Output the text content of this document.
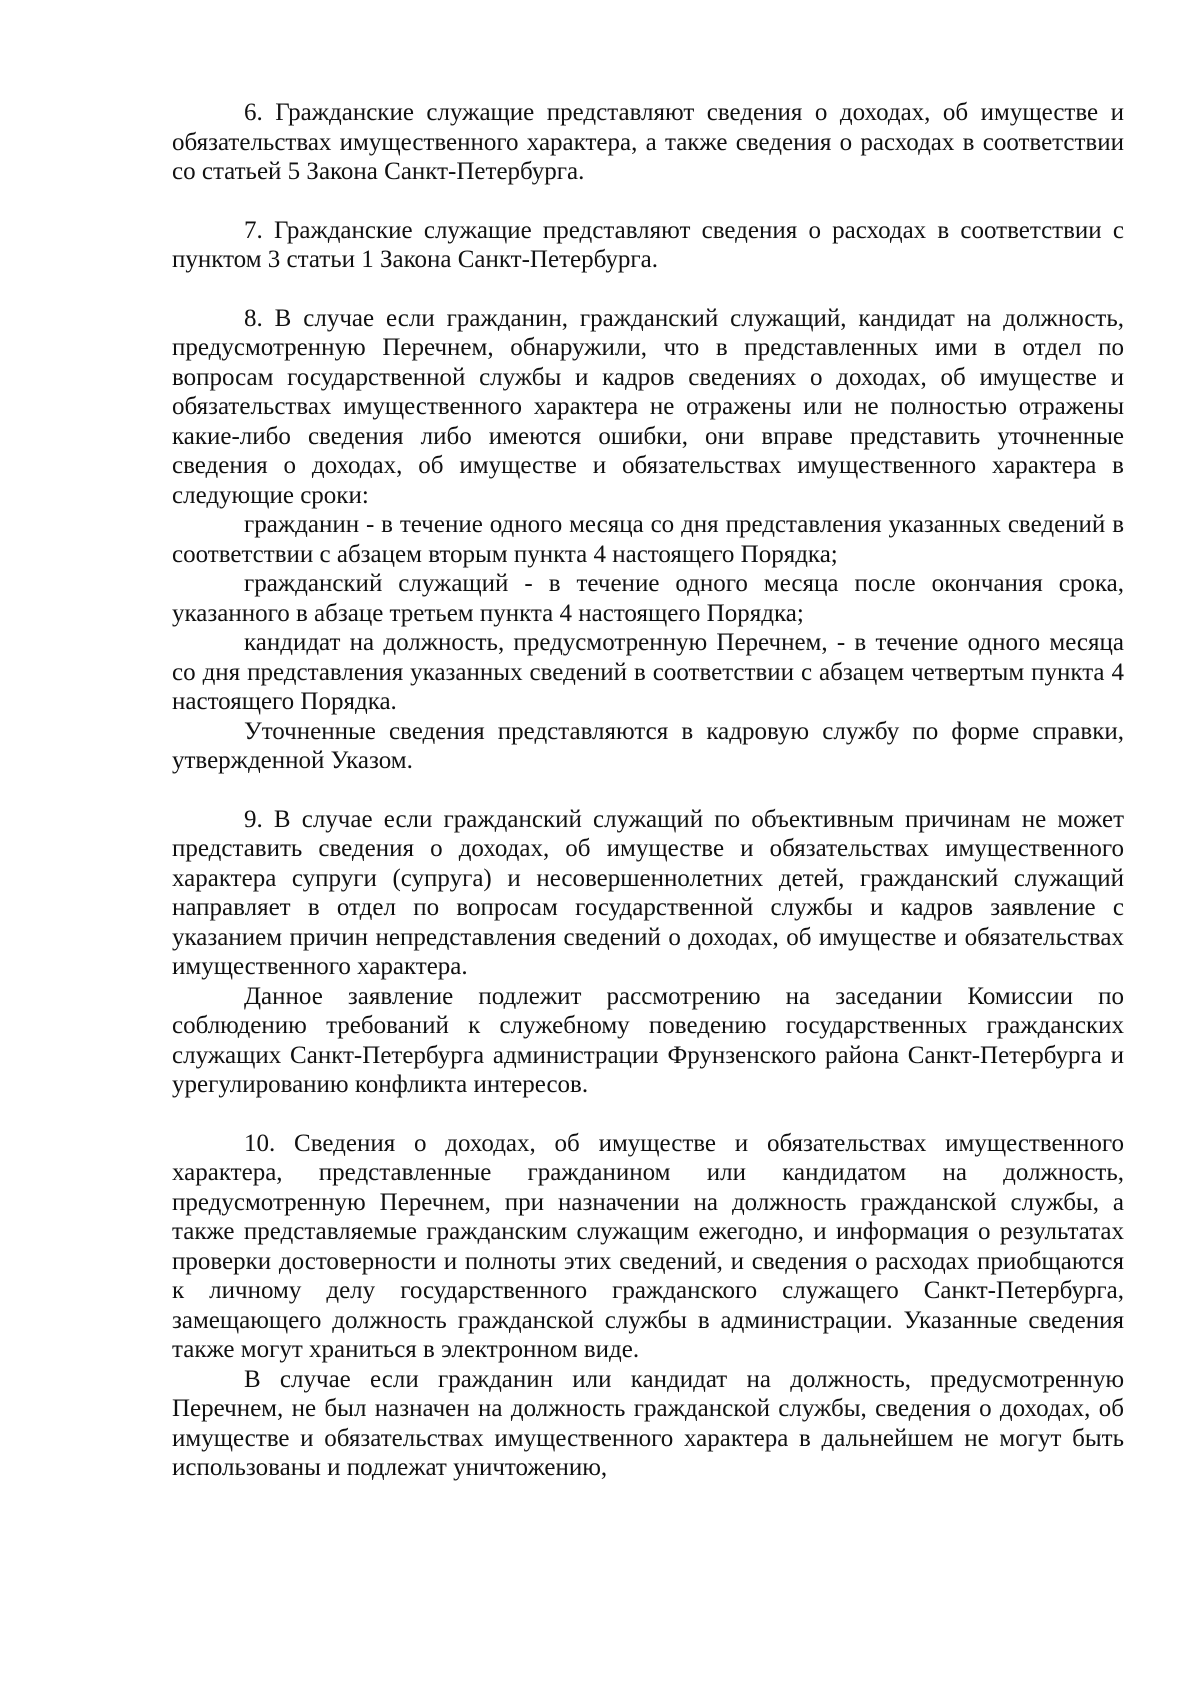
6. Гражданские служащие представляют сведения о доходах, об имуществе и обязательствах имущественного характера, а также сведения о расходах в соответствии со статьей 5 Закона Санкт-Петербурга.

7. Гражданские служащие представляют сведения о расходах в соответствии с пунктом 3 статьи 1 Закона Санкт-Петербурга.

8. В случае если гражданин, гражданский служащий, кандидат на должность, предусмотренную Перечнем, обнаружили, что в представленных ими в отдел по вопросам государственной службы и кадров сведениях о доходах, об имуществе и обязательствах имущественного характера не отражены или не полностью отражены какие-либо сведения либо имеются ошибки, они вправе представить уточненные сведения о доходах, об имуществе и обязательствах имущественного характера в следующие сроки:

гражданин - в течение одного месяца со дня представления указанных сведений в соответствии с абзацем вторым пункта 4 настоящего Порядка;

гражданский служащий - в течение одного месяца после окончания срока, указанного в абзаце третьем пункта 4 настоящего Порядка;

кандидат на должность, предусмотренную Перечнем, - в течение одного месяца со дня представления указанных сведений в соответствии с абзацем четвертым пункта 4 настоящего Порядка.

Уточненные сведения представляются в кадровую службу по форме справки, утвержденной Указом.

9. В случае если гражданский служащий по объективным причинам не может представить сведения о доходах, об имуществе и обязательствах имущественного характера супруги (супруга) и несовершеннолетних детей, гражданский служащий направляет в отдел по вопросам государственной службы и кадров заявление с указанием причин непредставления сведений о доходах, об имуществе и обязательствах имущественного характера.

Данное заявление подлежит рассмотрению на заседании Комиссии по соблюдению требований к служебному поведению государственных гражданских служащих Санкт-Петербурга администрации Фрунзенского района Санкт-Петербурга и урегулированию конфликта интересов.

10. Сведения о доходах, об имуществе и обязательствах имущественного характера, представленные гражданином или кандидатом на должность, предусмотренную Перечнем, при назначении на должность гражданской службы, а также представляемые гражданским служащим ежегодно, и информация о результатах проверки достоверности и полноты этих сведений, и сведения о расходах приобщаются к личному делу государственного гражданского служащего Санкт-Петербурга, замещающего должность гражданской службы в администрации. Указанные сведения также могут храниться в электронном виде.

В случае если гражданин или кандидат на должность, предусмотренную Перечнем, не был назначен на должность гражданской службы, сведения о доходах, об имуществе и обязательствах имущественного характера в дальнейшем не могут быть использованы и подлежат уничтожению,
